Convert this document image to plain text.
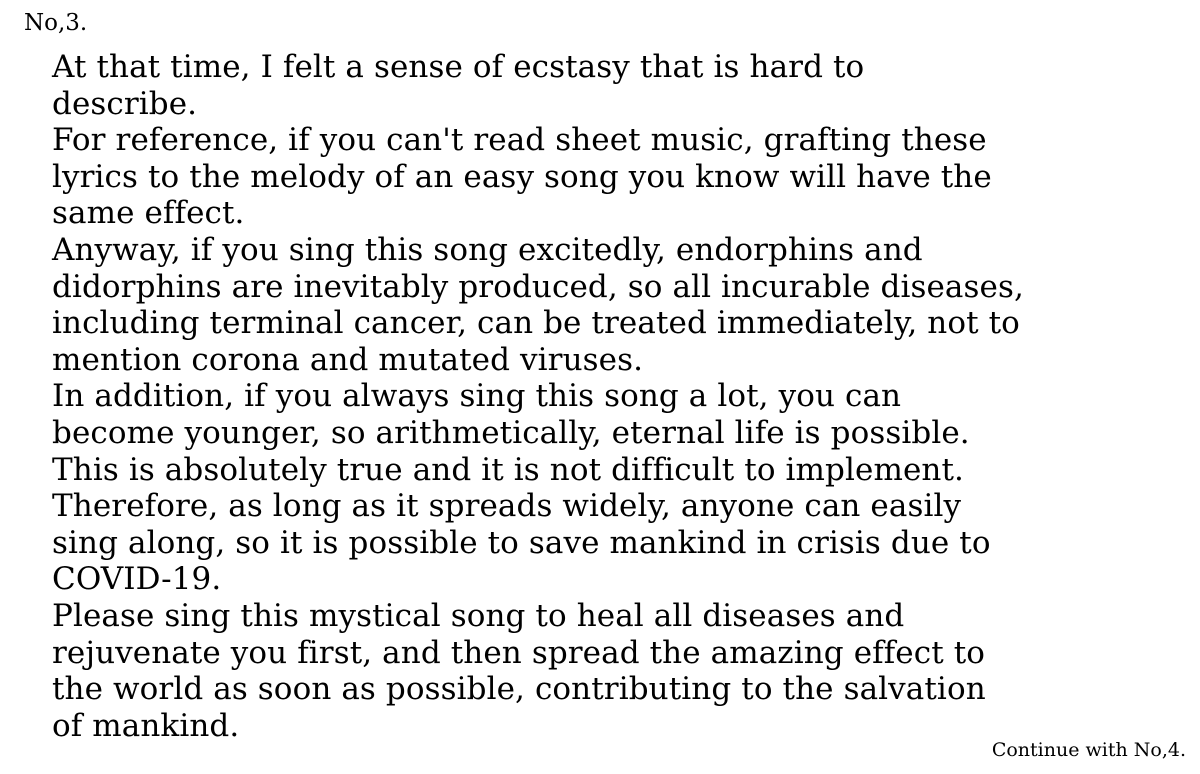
No,3.
At that time, I felt a sense of ecstasy that is hard to
describe.
For reference, if you can't read sheet music, grafting these
lyrics to the melody of an easy song you know will have the
same effect.
Anyway, if you sing this song excitedly, endorphins and
didorphins are inevitably produced, so all incurable diseases,
including terminal cancer, can be treated immediately, not to
mention corona and mutated viruses.
In addition, if you always sing this song a lot, you can
become younger, so arithmetically, eternal life is possible.
This is absolutely true and it is not difficult to implement.
Therefore, as long as it spreads widely, anyone can easily
sing along, so it is possible to save mankind in crisis due to
COVID-19.
Please sing this mystical song to heal all diseases and
rejuvenate you first, and then spread the amazing effect to
the world as soon as possible, contributing to the salvation
of mankind.
Continue with No,4.
